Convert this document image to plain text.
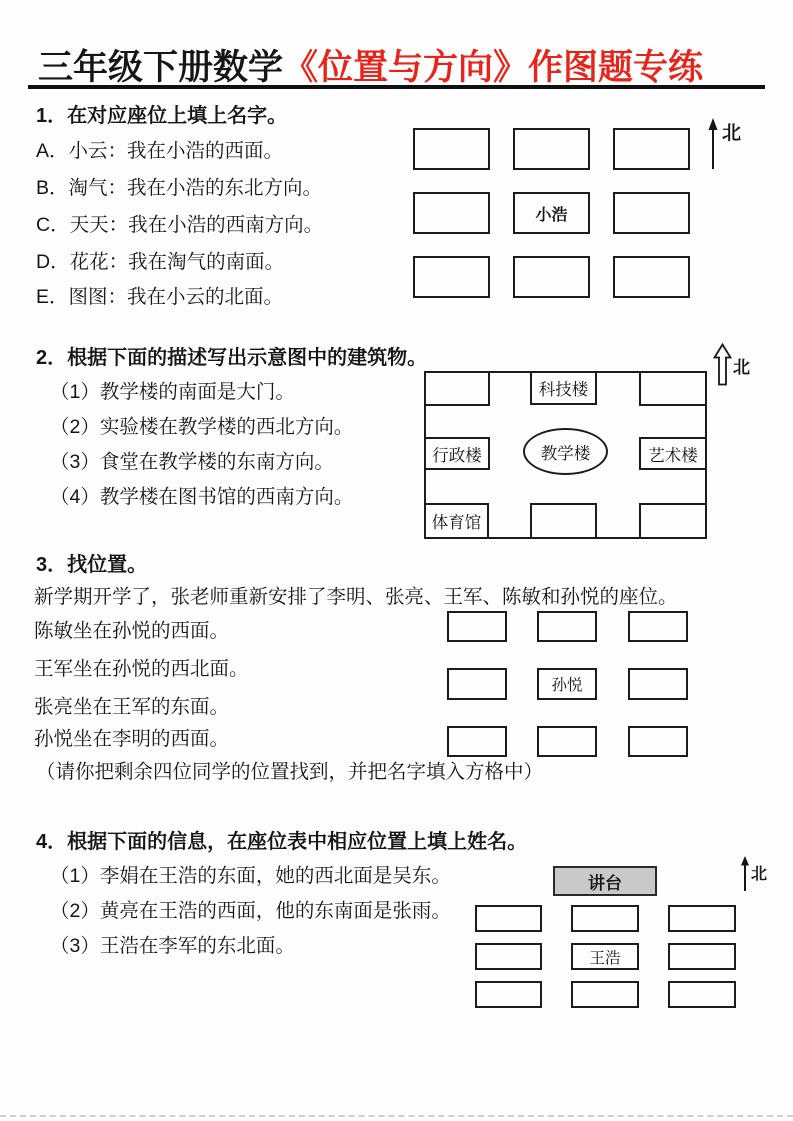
三年级下册数学《位置与方向》作图题专练
1．在对应座位上填上名字。
A．小云：我在小浩的西面。
B．淘气：我在小浩的东北方向。
C．天天：我在小浩的西南方向。
D．花花：我在淘气的南面。
E．图图：我在小云的北面。
小浩
北
2．根据下面的描述写出示意图中的建筑物。
（1）教学楼的南面是大门。
（2）实验楼在教学楼的西北方向。
（3）食堂在教学楼的东南方向。
（4）教学楼在图书馆的西南方向。
科技楼
行政楼	教学楼	艺术楼
体育馆
北
3．找位置。
新学期开学了，张老师重新安排了李明、张亮、王军、陈敏和孙悦的座位。
陈敏坐在孙悦的西面。
王军坐在孙悦的西北面。
张亮坐在王军的东面。
孙悦坐在李明的西面。
（请你把剩余四位同学的位置找到，并把名字填入方格中）
孙悦
4．根据下面的信息，在座位表中相应位置上填上姓名。
（1）李娟在王浩的东面，她的西北面是吴东。
（2）黄亮在王浩的西面，他的东南面是张雨。
（3）王浩在李军的东北面。
讲台
王浩
北
